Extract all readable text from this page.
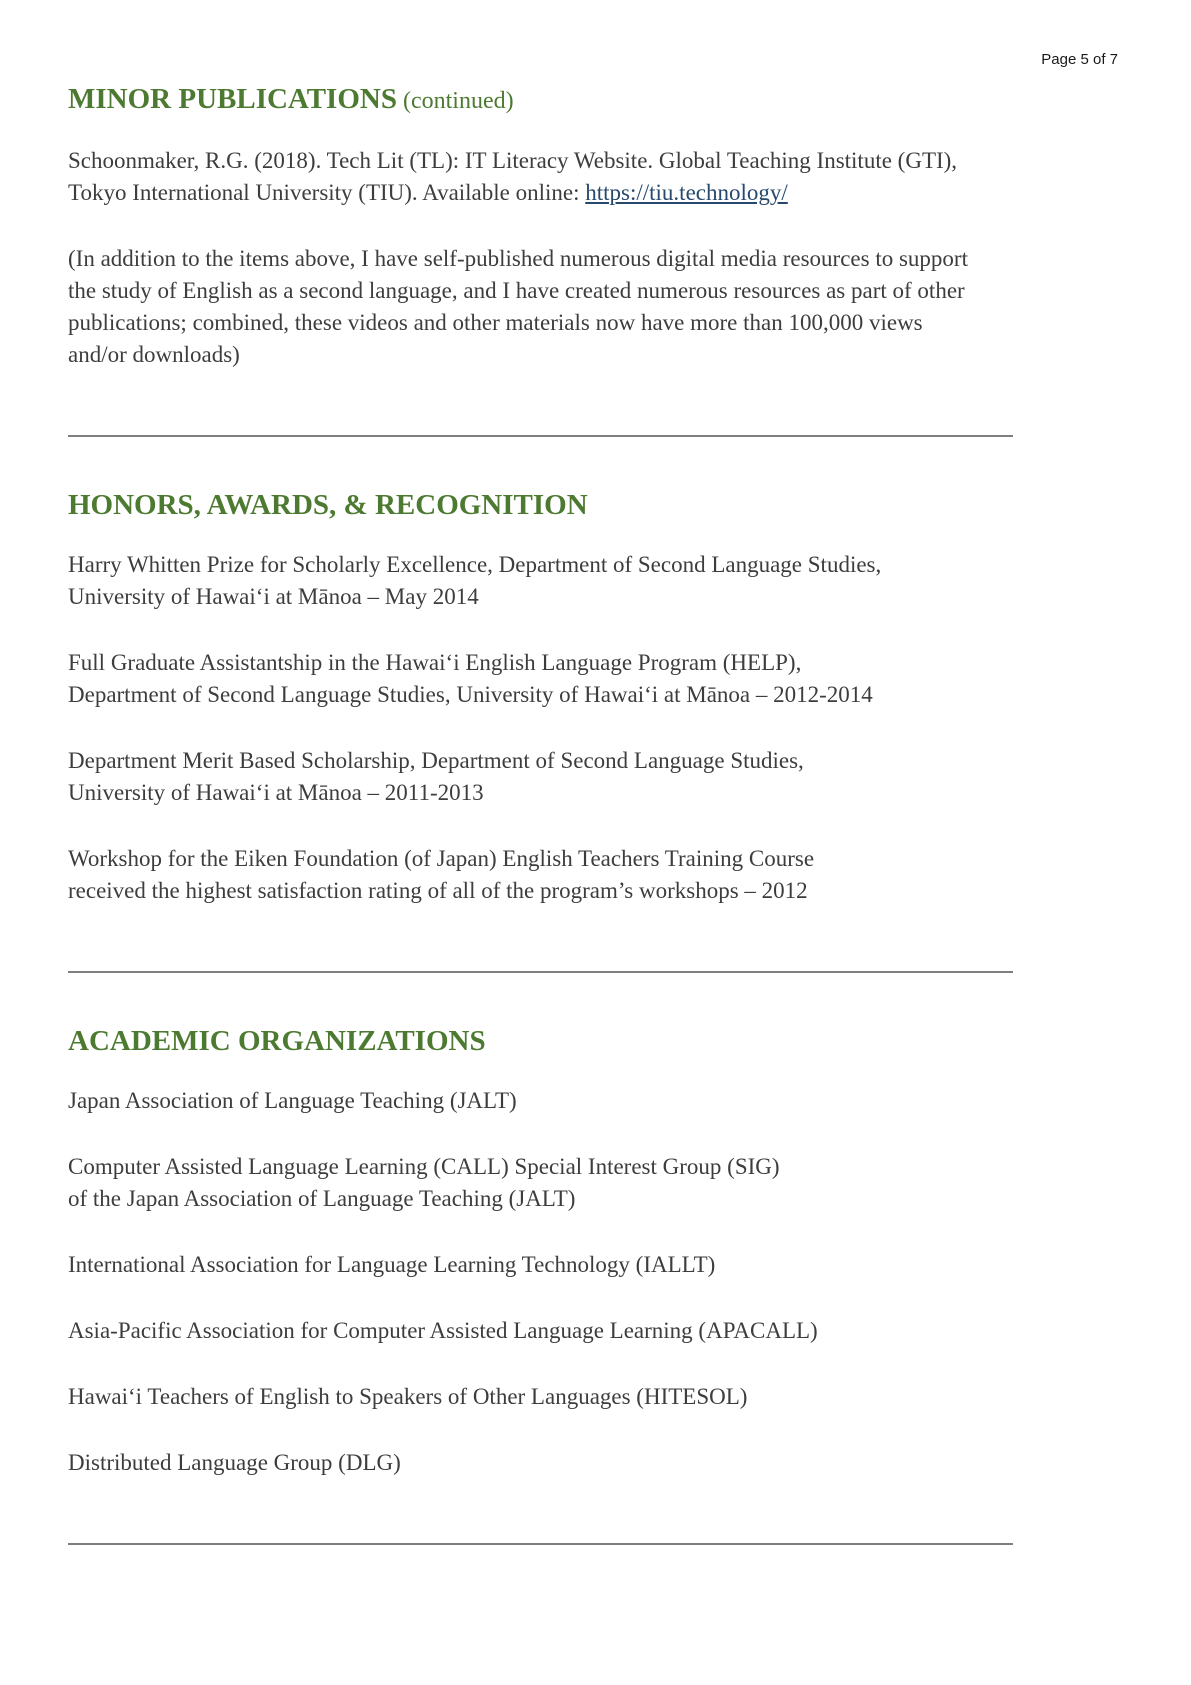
Page 5 of 7
MINOR PUBLICATIONS (continued)
Schoonmaker, R.G. (2018). Tech Lit (TL): IT Literacy Website. Global Teaching Institute (GTI),
Tokyo International University (TIU). Available online: https://tiu.technology/
(In addition to the items above, I have self-published numerous digital media resources to support
the study of English as a second language, and I have created numerous resources as part of other
publications; combined, these videos and other materials now have more than 100,000 views
and/or downloads)
HONORS, AWARDS, & RECOGNITION
Harry Whitten Prize for Scholarly Excellence, Department of Second Language Studies,
University of Hawaiʻi at Mānoa – May 2014
Full Graduate Assistantship in the Hawaiʻi English Language Program (HELP),
Department of Second Language Studies, University of Hawaiʻi at Mānoa – 2012-2014
Department Merit Based Scholarship, Department of Second Language Studies,
University of Hawaiʻi at Mānoa – 2011-2013
Workshop for the Eiken Foundation (of Japan) English Teachers Training Course
received the highest satisfaction rating of all of the program’s workshops – 2012
ACADEMIC ORGANIZATIONS
Japan Association of Language Teaching (JALT)
Computer Assisted Language Learning (CALL) Special Interest Group (SIG)
of the Japan Association of Language Teaching (JALT)
International Association for Language Learning Technology (IALLT)
Asia-Pacific Association for Computer Assisted Language Learning (APACALL)
Hawaiʻi Teachers of English to Speakers of Other Languages (HITESOL)
Distributed Language Group (DLG)
